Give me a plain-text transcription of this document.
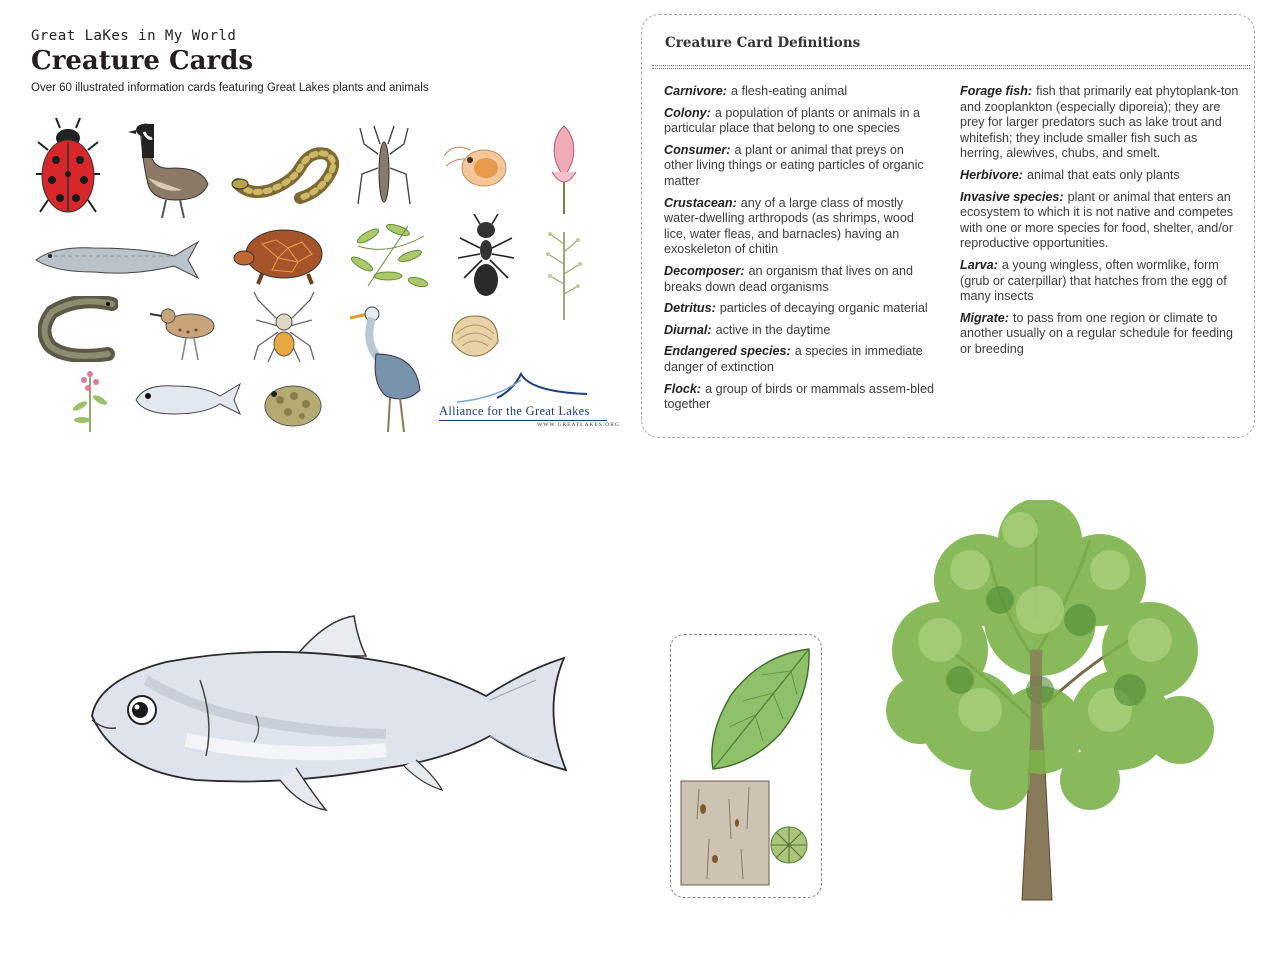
Great LaKes in My World
Creature Cards
Over 60 illustrated information cards featuring Great Lakes plants and animals
Alliance for the Great Lakes
WWW.GREATLAKES.ORG
Creature Card Definitions
Carnivore: a flesh-eating animal
Colony: a population of plants or animals in a particular place that belong to one species
Consumer: a plant or animal that preys on other living things or eating particles of organic matter
Crustacean: any of a large class of mostly water-dwelling arthropods (as shrimps, wood lice, water fleas, and barnacles) having an exoskeleton of chitin
Decomposer: an organism that lives on and breaks down dead organisms
Detritus: particles of decaying organic material
Diurnal: active in the daytime
Endangered species: a species in immediate danger of extinction
Flock: a group of birds or mammals assem-bled together
Forage fish: fish that primarily eat phytoplank-ton and zooplankton (especially diporeia); they are prey for larger predators such as lake trout and whitefish; they include smaller fish such as herring, alewives, chubs, and smelt.
Herbivore: animal that eats only plants
Invasive species: plant or animal that enters an ecosystem to which it is not native and competes with one or more species for food, shelter, and/or reproductive opportunities.
Larva: a young wingless, often wormlike, form (grub or caterpillar) that hatches from the egg of many insects
Migrate: to pass from one region or climate to another usually on a regular schedule for feeding or breeding
